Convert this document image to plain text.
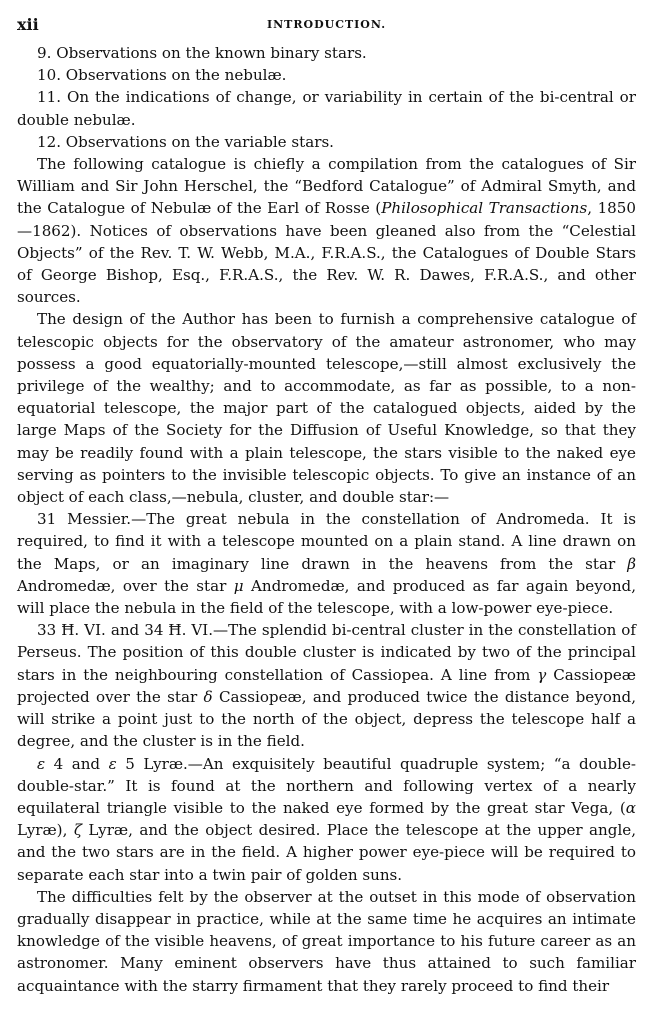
xii	INTRODUCTION.

9. Observations on the known binary stars.

10. Observations on the nebulæ.

11. On the indications of change, or variability in certain of the bi-central or double nebulæ.

12. Observations on the variable stars.

The following catalogue is chiefly a compilation from the catalogues of Sir William and Sir John Herschel, the “Bedford Catalogue” of Admiral Smyth, and the Catalogue of Nebulæ of the Earl of Rosse (Philosophical Transactions, 1850—1862). Notices of observations have been gleaned also from the “Celestial Objects” of the Rev. T. W. Webb, M.A., F.R.A.S., the Catalogues of Double Stars of George Bishop, Esq., F.R.A.S., the Rev. W. R. Dawes, F.R.A.S., and other sources.

The design of the Author has been to furnish a comprehensive catalogue of telescopic objects for the observatory of the amateur astronomer, who may possess a good equatorially-mounted telescope,—still almost exclusively the privilege of the wealthy; and to accommodate, as far as possible, to a non-equatorial telescope, the major part of the catalogued objects, aided by the large Maps of the Society for the Diffusion of Useful Knowledge, so that they may be readily found with a plain telescope, the stars visible to the naked eye serving as pointers to the invisible telescopic objects. To give an instance of an object of each class,—nebula, cluster, and double star:—

31 Messier.—The great nebula in the constellation of Andromeda. It is required, to find it with a telescope mounted on a plain stand. A line drawn on the Maps, or an imaginary line drawn in the heavens from the star β Andromedæ, over the star μ Andromedæ, and produced as far again beyond, will place the nebula in the field of the telescope, with a low-power eye-piece.

33 Ħ. VI. and 34 Ħ. VI.—The splendid bi-central cluster in the constellation of Perseus. The position of this double cluster is indicated by two of the principal stars in the neighbouring constellation of Cassiopea. A line from γ Cassiopeæ projected over the star δ Cassiopeæ, and produced twice the distance beyond, will strike a point just to the north of the object, depress the telescope half a degree, and the cluster is in the field.

ε 4 and ε 5 Lyræ.—An exquisitely beautiful quadruple system; “a double-double-star.” It is found at the northern and following vertex of a nearly equilateral triangle visible to the naked eye formed by the great star Vega, (α Lyræ), ζ Lyræ, and the object desired. Place the telescope at the upper angle, and the two stars are in the field. A higher power eye-piece will be required to separate each star into a twin pair of golden suns.

The difficulties felt by the observer at the outset in this mode of observation gradually disappear in practice, while at the same time he acquires an intimate knowledge of the visible heavens, of great importance to his future career as an astronomer. Many eminent observers have thus attained to such familiar acquaintance with the starry firmament that they rarely proceed to find their
